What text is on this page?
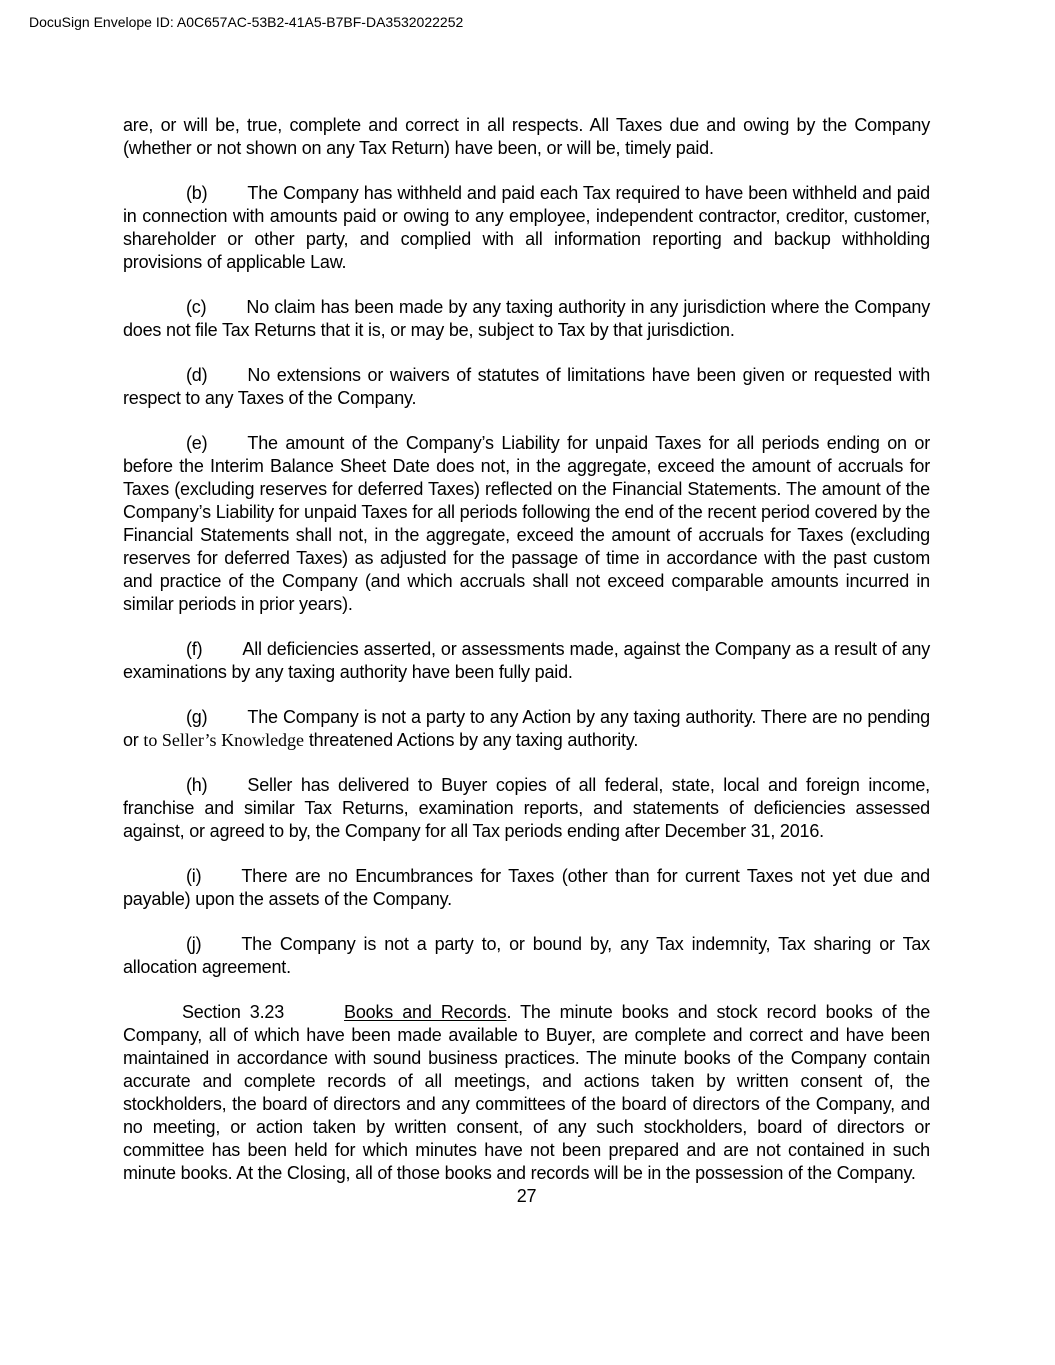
DocuSign Envelope ID: A0C657AC-53B2-41A5-B7BF-DA3532022252

are, or will be, true, complete and correct in all respects. All Taxes due and owing by the Company (whether or not shown on any Tax Return) have been, or will be, timely paid.

(b) The Company has withheld and paid each Tax required to have been withheld and paid in connection with amounts paid or owing to any employee, independent contractor, creditor, customer, shareholder or other party, and complied with all information reporting and backup withholding provisions of applicable Law.

(c) No claim has been made by any taxing authority in any jurisdiction where the Company does not file Tax Returns that it is, or may be, subject to Tax by that jurisdiction.

(d) No extensions or waivers of statutes of limitations have been given or requested with respect to any Taxes of the Company.

(e) The amount of the Company’s Liability for unpaid Taxes for all periods ending on or before the Interim Balance Sheet Date does not, in the aggregate, exceed the amount of accruals for Taxes (excluding reserves for deferred Taxes) reflected on the Financial Statements. The amount of the Company’s Liability for unpaid Taxes for all periods following the end of the recent period covered by the Financial Statements shall not, in the aggregate, exceed the amount of accruals for Taxes (excluding reserves for deferred Taxes) as adjusted for the passage of time in accordance with the past custom and practice of the Company (and which accruals shall not exceed comparable amounts incurred in similar periods in prior years).

(f) All deficiencies asserted, or assessments made, against the Company as a result of any examinations by any taxing authority have been fully paid.

(g) The Company is not a party to any Action by any taxing authority. There are no pending or to Seller’s Knowledge threatened Actions by any taxing authority.

(h) Seller has delivered to Buyer copies of all federal, state, local and foreign income, franchise and similar Tax Returns, examination reports, and statements of deficiencies assessed against, or agreed to by, the Company for all Tax periods ending after December 31, 2016.

(i) There are no Encumbrances for Taxes (other than for current Taxes not yet due and payable) upon the assets of the Company.

(j) The Company is not a party to, or bound by, any Tax indemnity, Tax sharing or Tax allocation agreement.

Section 3.23	Books and Records. The minute books and stock record books of the Company, all of which have been made available to Buyer, are complete and correct and have been maintained in accordance with sound business practices. The minute books of the Company contain accurate and complete records of all meetings, and actions taken by written consent of, the stockholders, the board of directors and any committees of the board of directors of the Company, and no meeting, or action taken by written consent, of any such stockholders, board of directors or committee has been held for which minutes have not been prepared and are not contained in such minute books. At the Closing, all of those books and records will be in the possession of the Company.

27
